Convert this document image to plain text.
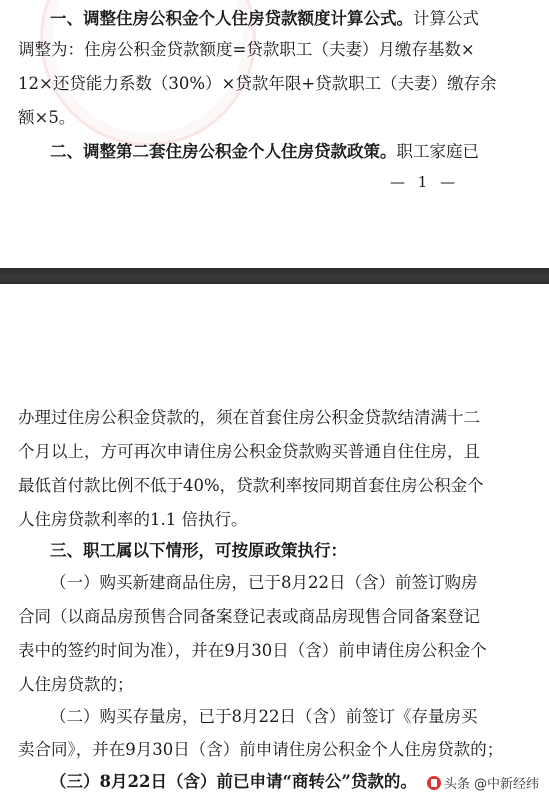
一、调整住房公积金个人住房贷款额度计算公式。计算公式
调整为：住房公积金贷款额度=贷款职工（夫妻）月缴存基数×
12×还贷能力系数（30%）×贷款年限+贷款职工（夫妻）缴存余
额×5。
二、调整第二套住房公积金个人住房贷款政策。职工家庭已
— 1 —
办理过住房公积金贷款的，须在首套住房公积金贷款结清满十二
个月以上，方可再次申请住房公积金贷款购买普通自住住房，且
最低首付款比例不低于40%，贷款利率按同期首套住房公积金个
人住房贷款利率的1.1 倍执行。
三、职工属以下情形，可按原政策执行：
（一）购买新建商品住房，已于8月22日（含）前签订购房
合同（以商品房预售合同备案登记表或商品房现售合同备案登记
表中的签约时间为准），并在9月30日（含）前申请住房公积金个
人住房贷款的；
（二）购买存量房，已于8月22日（含）前签订《存量房买
卖合同》，并在9月30日（含）前申请住房公积金个人住房贷款的；
（三）8月22日（含）前已申请“商转公”贷款的。 头条 @中新经纬
